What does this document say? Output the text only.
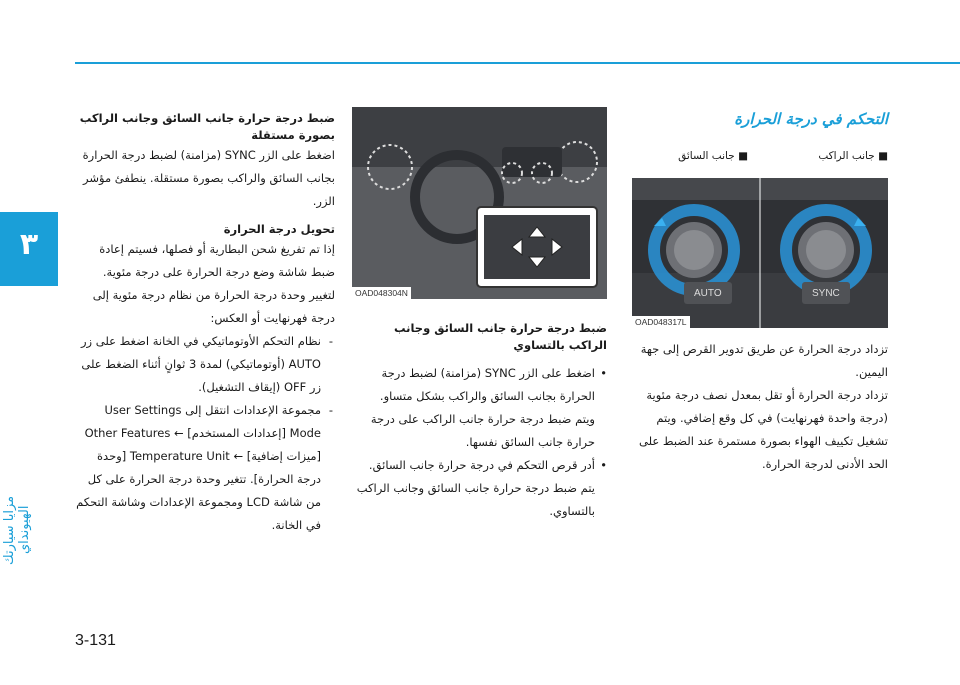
٣
مزايا سيارتك الهيونداي

التحكم في درجة الحرارة

■ جانب الراكب
■ جانب السائق
AUTO	SYNC
OAD048317L

تزداد درجة الحرارة عن طريق تدوير القرص إلى جهة اليمين.

تزداد درجة الحرارة أو تقل بمعدل نصف درجة مئوية (درجة واحدة فهرنهايت) في كل وقع إضافي. ويتم تشغيل تكييف الهواء بصورة مستمرة عند الضبط على الحد الأدنى لدرجة الحرارة.

OAD048304N

ضبط درجة حرارة جانب السائق وجانب الراكب بالتساوي

• اضغط على الزر SYNC (مزامنة) لضبط درجة الحرارة بجانب السائق والراكب بشكل متساو.

ويتم ضبط درجة حرارة جانب الراكب على درجة حرارة جانب السائق نفسها.

• أدر قرص التحكم في درجة حرارة جانب السائق. يتم ضبط درجة حرارة جانب السائق وجانب الراكب بالتساوي.

ضبط درجة حرارة جانب السائق وجانب الراكب بصورة مستقلة

اضغط على الزر SYNC (مزامنة) لضبط درجة الحرارة بجانب السائق والراكب بصورة مستقلة. ينطفئ مؤشر الزر.

تحويل درجة الحرارة

إذا تم تفريغ شحن البطارية أو فصلها، فسيتم إعادة ضبط شاشة وضع درجة الحرارة على درجة مئوية. لتغيير وحدة درجة الحرارة من نظام درجة مئوية إلى درجة فهرنهايت أو العكس:

- نظام التحكم الأوتوماتيكي في الخانة اضغط على زر AUTO (أوتوماتيكي) لمدة 3 ثوانٍ أثناء الضغط على زر OFF (إيقاف التشغيل).

- مجموعة الإعدادات انتقل إلى User Settings Mode [إعدادات المستخدم] ← Other Features [ميزات إضافية] ← Temperature Unit [وحدة درجة الحرارة]. تتغير وحدة درجة الحرارة على كل من شاشة LCD ومجموعة الإعدادات وشاشة التحكم في الخانة.

3-131
